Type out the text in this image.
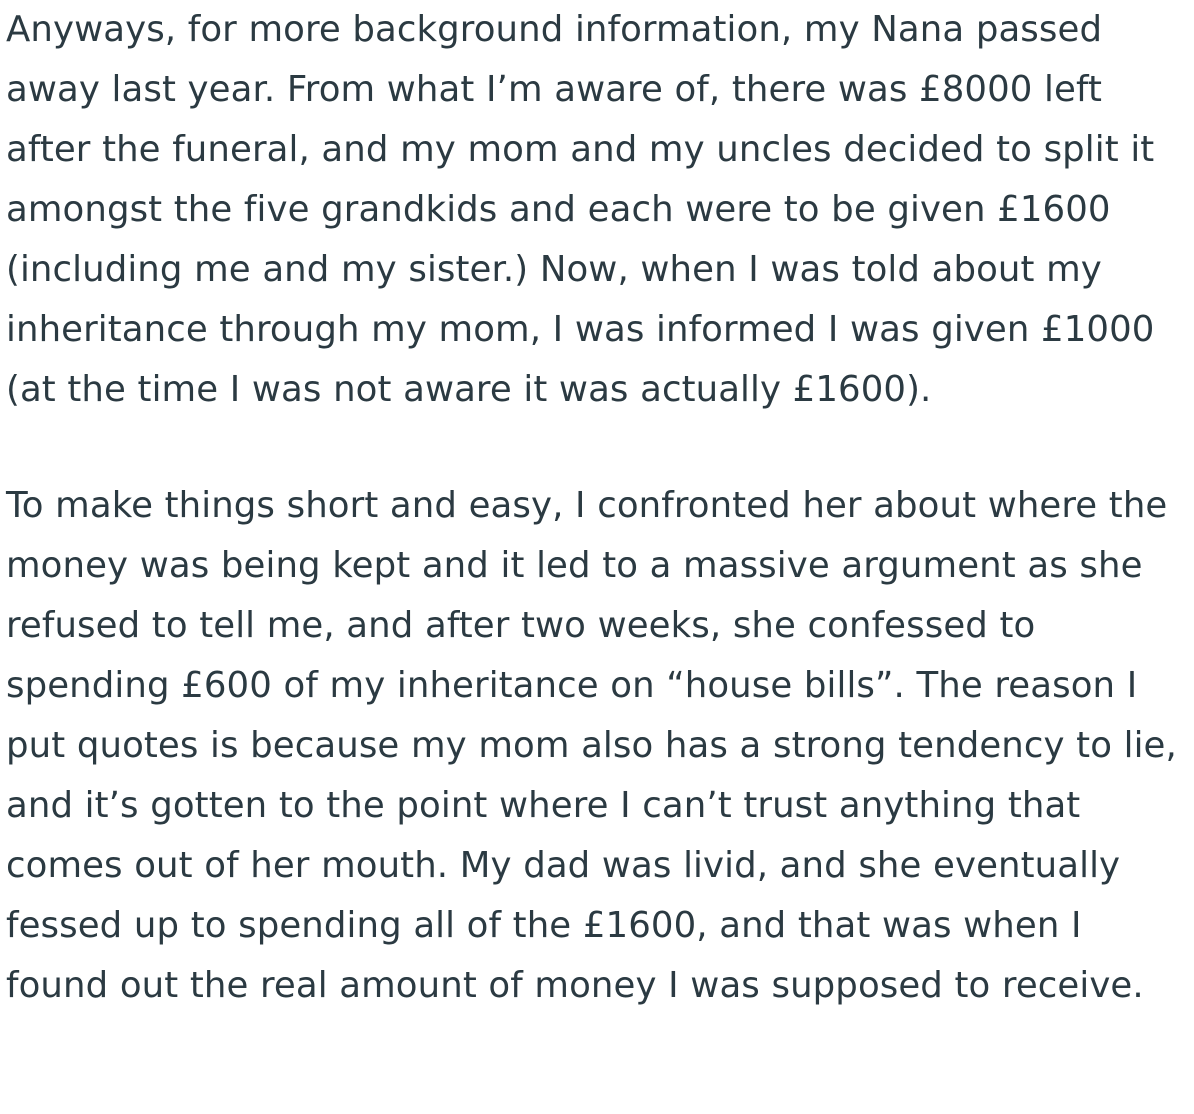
Anyways, for more background information, my Nana passed away last year. From what I’m aware of, there was £8000 left after the funeral, and my mom and my uncles decided to split it amongst the five grandkids and each were to be given £1600 (including me and my sister.) Now, when I was told about my inheritance through my mom, I was informed I was given £1000 (at the time I was not aware it was actually £1600).

To make things short and easy, I confronted her about where the money was being kept and it led to a massive argument as she refused to tell me, and after two weeks, she confessed to spending £600 of my inheritance on “house bills”. The reason I put quotes is because my mom also has a strong tendency to lie, and it’s gotten to the point where I can’t trust anything that comes out of her mouth. My dad was livid, and she eventually fessed up to spending all of the £1600, and that was when I found out the real amount of money I was supposed to receive.
